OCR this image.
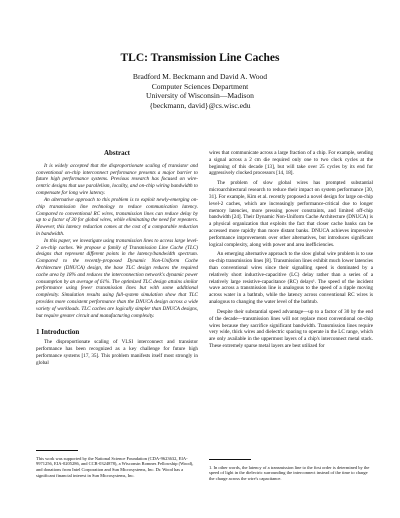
TLC: Transmission Line Caches
Bradford M. Beckmann and David A. Wood
Computer Sciences Department
University of Wisconsin—Madison
{beckmann, david}@cs.wisc.edu
Abstract

It is widely accepted that the disproportionate scaling of transistor and conventional on-chip interconnect performance presents a major barrier to future high performance systems. Previous research has focused on wire-centric designs that use parallelism, locality, and on-chip wiring bandwidth to compensate for long wire latency.

An alternative approach to this problem is to exploit newly-emerging on-chip transmission line technology to reduce communication latency. Compared to conventional RC wires, transmission lines can reduce delay by up to a factor of 30 for global wires, while eliminating the need for repeaters. However, this latency reduction comes at the cost of a comparable reduction in bandwidth.

In this paper, we investigate using transmission lines to access large level-2 on-chip caches. We propose a family of Transmission Line Cache (TLC) designs that represent different points in the latency/bandwidth spectrum. Compared to the recently-proposed Dynamic Non-Uniform Cache Architecture (DNUCA) design, the base TLC design reduces the required cache area by 18% and reduces the interconnection network's dynamic power consumption by an average of 61%. The optimized TLC design attains similar performance using fewer transmission lines but with some additional complexity. Simulation results using full-system simulation show that TLC provides more consistent performance than the DNUCA design across a wide variety of workloads. TLC caches are logically simpler than DNUCA designs, but require greater circuit and manufacturing complexity.

1 Introduction

The disproportionate scaling of VLSI interconnect and transistor performance has been recognized as a key challenge for future high performance systems [17, 35]. This problem manifests itself most strongly in global

This work was supported by the National Science Foundation (CDA-9623632, EIA-9971256, EIA-0205286, and CCR-0324878), a Wisconsin Romnes Fellowship (Wood), and donations from Intel Corporation and Sun Microsystems, Inc. Dr. Wood has a significant financial interest in Sun Microsystems, Inc.

wires that communicate across a large fraction of a chip. For example, sending a signal across a 2 cm die required only one to two clock cycles at the beginning of this decade [13], but will take over 25 cycles by its end for aggressively clocked processors [14, 18].

The problem of slow global wires has prompted substantial microarchitectural research to reduce their impact on system performance [30, 31]. For example, Kim et al. recently proposed a novel design for large on-chip level-2 caches, which are increasingly performance-critical due to longer memory latencies, more pressing power constraints, and limited off-chip bandwidth [24]. Their Dynamic Non-Uniform Cache Architecture (DNUCA) is a physical organization that exploits the fact that closer cache banks can be accessed more rapidly than more distant banks. DNUCA achieves impressive performance improvements over other alternatives, but introduces significant logical complexity, along with power and area inefficiencies.

An emerging alternative approach to the slow global wire problem is to use on-chip transmission lines [8]. Transmission lines exhibit much lower latencies than conventional wires since their signalling speed is dominated by a relatively short inductive-capacitive (LC) delay rather than a series of a relatively large resistive-capacitance (RC) delays¹. The speed of the incident wave across a transmission line is analogous to the speed of a ripple moving across water in a bathtub, while the latency across conventional RC wires is analogous to changing the water level of the bathtub.

Despite their substantial speed advantage—up to a factor of 30 by the end of the decade—transmission lines will not replace most conventional on-chip wires because they sacrifice significant bandwidth. Transmission lines require very wide, thick wires and dielectric spacing to operate in the LC range, which are only available in the uppermost layers of a chip's interconnect metal stack. These extremely sparse metal layers are best utilized for

1. In other words, the latency of a transmission line to the first order is determined by the speed of light in the dielectric surrounding the interconnect instead of the time to charge the charge across the wire's capacitance.
